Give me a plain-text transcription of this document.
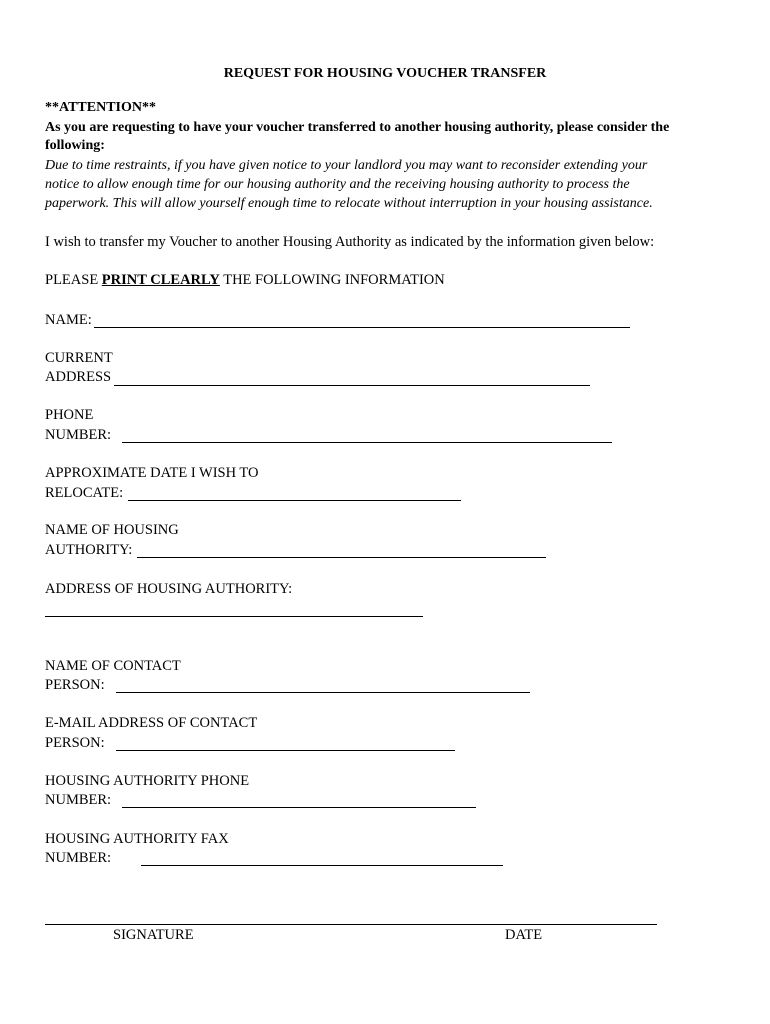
REQUEST FOR HOUSING VOUCHER TRANSFER
**ATTENTION**
As you are requesting to have your voucher transferred to another housing authority, please consider the
following:
Due to time restraints, if you have given notice to your landlord you may want to reconsider extending your
notice to allow enough time for our housing authority and the receiving housing authority to process the
paperwork. This will allow yourself enough time to relocate without interruption in your housing assistance.
I wish to transfer my Voucher to another Housing Authority as indicated by the information given below:
PLEASE PRINT CLEARLY THE FOLLOWING INFORMATION
NAME:
CURRENT
ADDRESS
PHONE
NUMBER:
APPROXIMATE DATE I WISH TO
RELOCATE:
NAME OF HOUSING
AUTHORITY:
ADDRESS OF HOUSING AUTHORITY:
NAME OF CONTACT
PERSON:
E-MAIL ADDRESS OF CONTACT
PERSON:
HOUSING AUTHORITY PHONE
NUMBER:
HOUSING AUTHORITY FAX
NUMBER:
SIGNATURE	DATE
